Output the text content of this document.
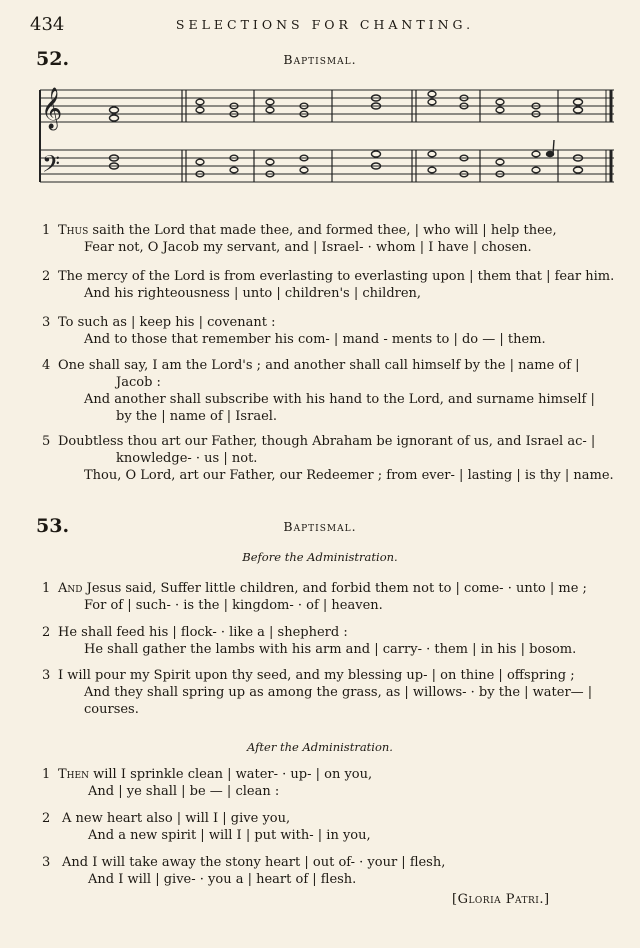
434	SELECTIONS FOR CHANTING.
52.	Baptismal.
𝄞
𝄢
1 Thus saith the Lord that made thee, and formed thee, | who will | help thee,
Fear not, O Jacob my servant, and | Israel- · whom | I have | chosen.
2 The mercy of the Lord is from everlasting to everlasting upon | them that | fear him.
And his righteousness | unto | children's | children,
3 To such as | keep his | covenant :
And to those that remember his com- | mand - ments to | do — | them.
4 One shall say, I am the Lord's ; and another shall call himself by the | name of |
Jacob :
And another shall subscribe with his hand to the Lord, and surname himself |
by the | name of | Israel.
5 Doubtless thou art our Father, though Abraham be ignorant of us, and Israel ac- |
knowledge- · us | not.
Thou, O Lord, art our Father, our Redeemer ; from ever- | lasting | is thy | name.
53.	Baptismal.
Before the Administration.
1 And Jesus said, Suffer little children, and forbid them not to | come- · unto | me ;
For of | such- · is the | kingdom- · of | heaven.
2 He shall feed his | flock- · like a | shepherd :
He shall gather the lambs with his arm and | carry- · them | in his | bosom.
3 I will pour my Spirit upon thy seed, and my blessing up- | on thine | offspring ;
And they shall spring up as among the grass, as | willows- · by the | water— |
courses.
After the Administration.
1 Then will I sprinkle clean | water- · up- | on you,
And | ye shall | be — | clean :
2 A new heart also | will I | give you,
And a new spirit | will I | put with- | in you,
3 And I will take away the stony heart | out of- · your | flesh,
And I will | give- · you a | heart of | flesh.
[Gloria Patri.]
